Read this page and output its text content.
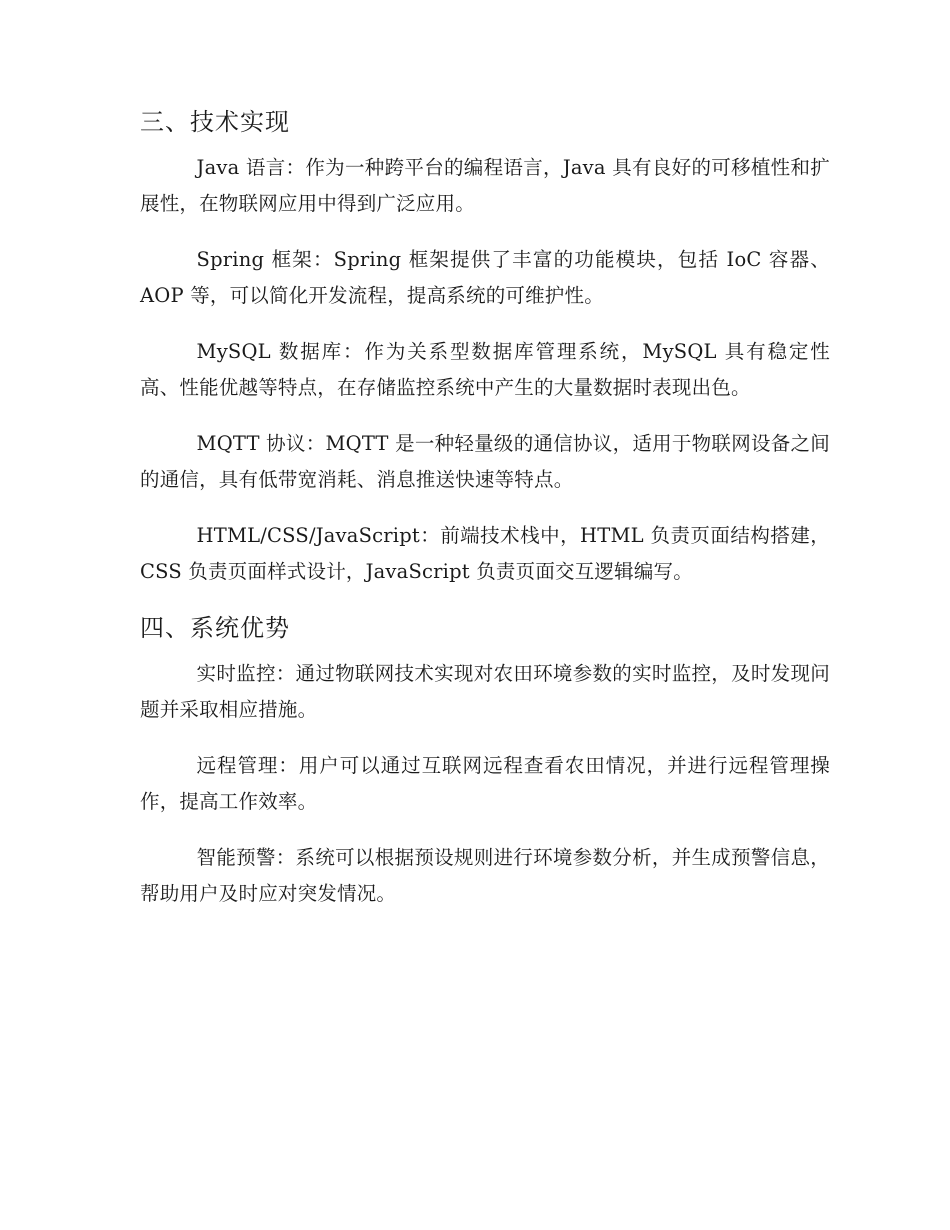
三、技术实现

Java 语言：作为一种跨平台的编程语言，Java 具有良好的可移植性和扩展性，在物联网应用中得到广泛应用。

Spring 框架：Spring 框架提供了丰富的功能模块，包括 IoC 容器、AOP 等，可以简化开发流程，提高系统的可维护性。

MySQL 数据库：作为关系型数据库管理系统，MySQL 具有稳定性高、性能优越等特点，在存储监控系统中产生的大量数据时表现出色。

MQTT 协议：MQTT 是一种轻量级的通信协议，适用于物联网设备之间的通信，具有低带宽消耗、消息推送快速等特点。

HTML/CSS/JavaScript：前端技术栈中，HTML 负责页面结构搭建，CSS 负责页面样式设计，JavaScript 负责页面交互逻辑编写。

四、系统优势

实时监控：通过物联网技术实现对农田环境参数的实时监控，及时发现问题并采取相应措施。

远程管理：用户可以通过互联网远程查看农田情况，并进行远程管理操作，提高工作效率。

智能预警：系统可以根据预设规则进行环境参数分析，并生成预警信息，帮助用户及时应对突发情况。
